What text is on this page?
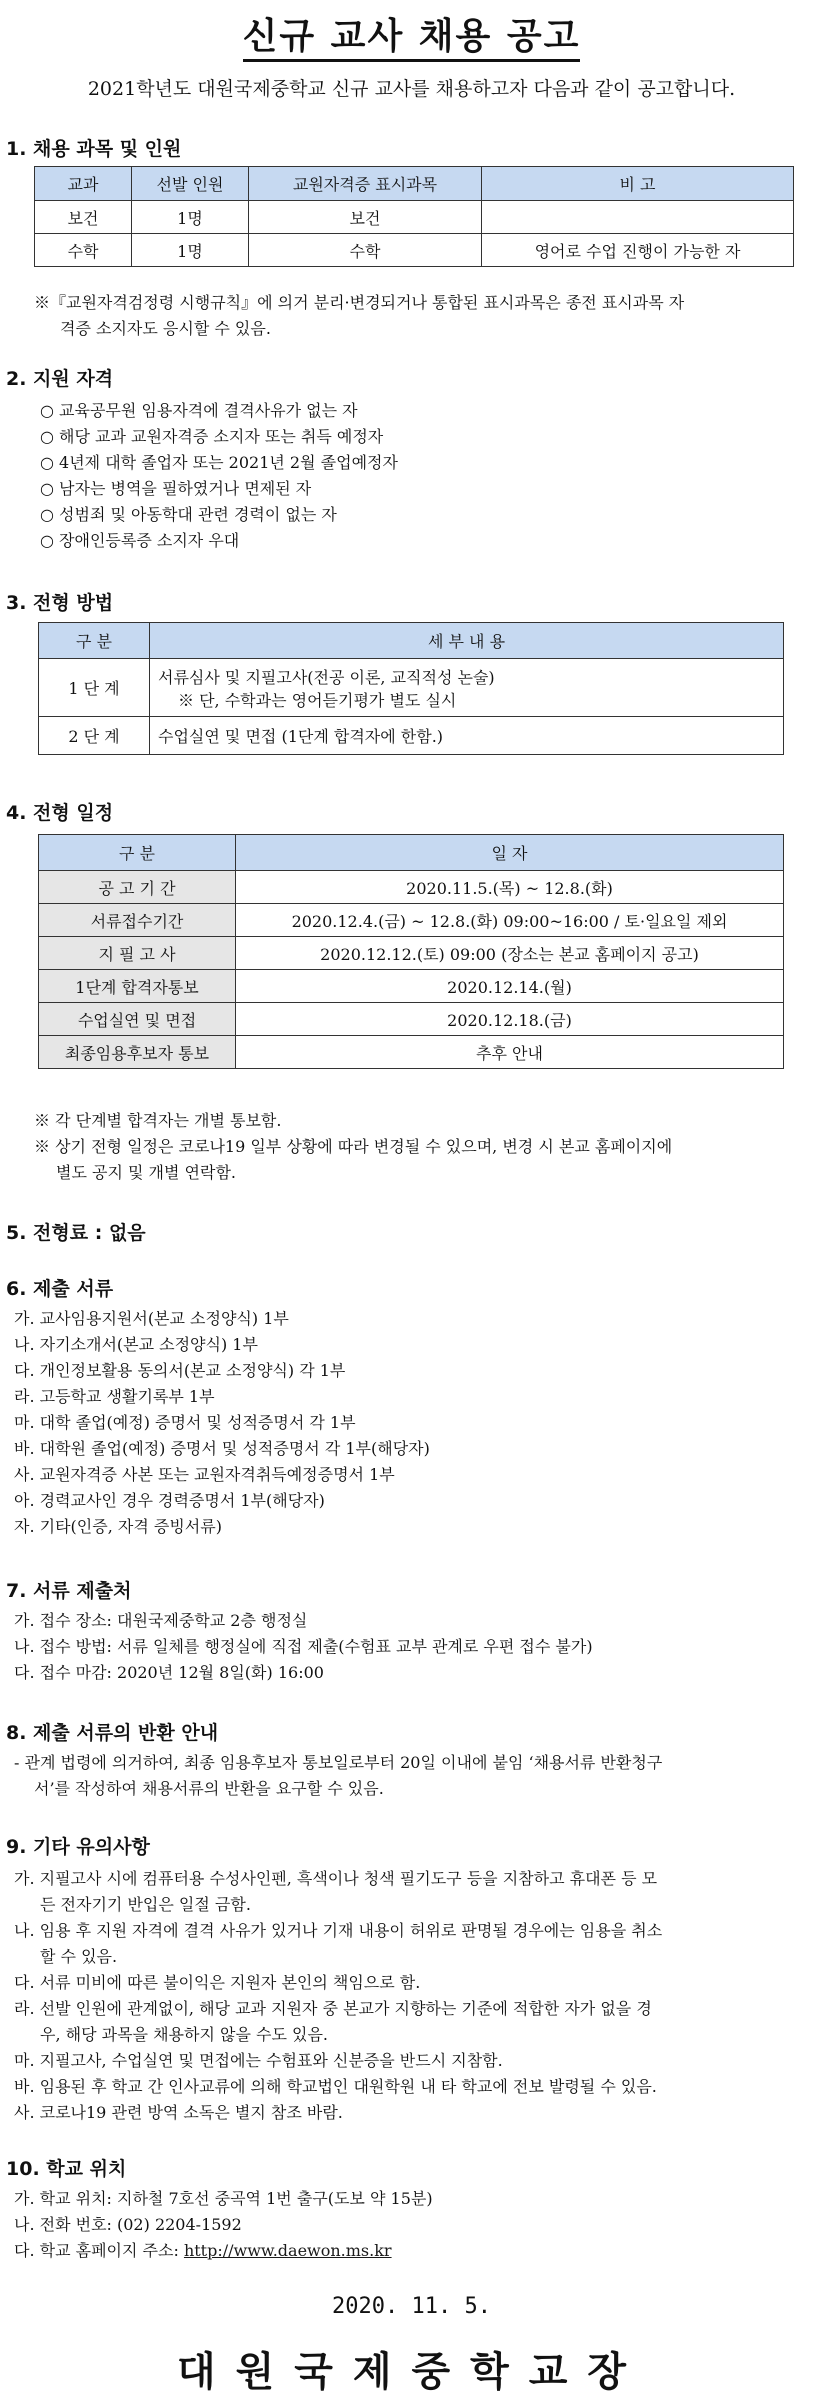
신규 교사 채용 공고
2021학년도 대원국제중학교 신규 교사를 채용하고자 다음과 같이 공고합니다.
1. 채용 과목 및 인원
교과	선발 인원	교원자격증 표시과목	비 고
보건	1명	보건	
수학	1명	수학	영어로 수업 진행이 가능한 자
※『교원자격검정령 시행규칙』에 의거 분리·변경되거나 통합된 표시과목은 종전 표시과목 자
격증 소지자도 응시할 수 있음.
2. 지원 자격
○ 교육공무원 임용자격에 결격사유가 없는 자
○ 해당 교과 교원자격증 소지자 또는 취득 예정자
○ 4년제 대학 졸업자 또는 2021년 2월 졸업예정자
○ 남자는 병역을 필하였거나 면제된 자
○ 성범죄 및 아동학대 관련 경력이 없는 자
○ 장애인등록증 소지자 우대
3. 전형 방법
구 분	세 부 내 용
1 단 계	서류심사 및 지필고사(전공 이론, 교직적성 논술)
※ 단, 수학과는 영어듣기평가 별도 실시

2 단 계	수업실연 및 면접 (1단계 합격자에 한함.)
4. 전형 일정
구 분	일 자
공 고 기 간	2020.11.5.(목) ~ 12.8.(화)
서류접수기간	2020.12.4.(금) ~ 12.8.(화) 09:00~16:00 / 토·일요일 제외
지 필 고 사	2020.12.12.(토) 09:00 (장소는 본교 홈페이지 공고)
1단계 합격자통보	2020.12.14.(월)
수업실연 및 면접	2020.12.18.(금)
최종임용후보자 통보	추후 안내
※ 각 단계별 합격자는 개별 통보함.
※ 상기 전형 일정은 코로나19 일부 상황에 따라 변경될 수 있으며, 변경 시 본교 홈페이지에
별도 공지 및 개별 연락함.
5. 전형료 : 없음
6. 제출 서류
가. 교사임용지원서(본교 소정양식) 1부
나. 자기소개서(본교 소정양식) 1부
다. 개인정보활용 동의서(본교 소정양식) 각 1부
라. 고등학교 생활기록부 1부
마. 대학 졸업(예정) 증명서 및 성적증명서 각 1부
바. 대학원 졸업(예정) 증명서 및 성적증명서 각 1부(해당자)
사. 교원자격증 사본 또는 교원자격취득예정증명서 1부
아. 경력교사인 경우 경력증명서 1부(해당자)
자. 기타(인증, 자격 증빙서류)
7. 서류 제출처
가. 접수 장소: 대원국제중학교 2층 행정실
나. 접수 방법: 서류 일체를 행정실에 직접 제출(수험표 교부 관계로 우편 접수 불가)
다. 접수 마감: 2020년 12월 8일(화) 16:00
8. 제출 서류의 반환 안내
- 관계 법령에 의거하여, 최종 임용후보자 통보일로부터 20일 이내에 붙임 ‘채용서류 반환청구
서’를 작성하여 채용서류의 반환을 요구할 수 있음.
9. 기타 유의사항
가. 지필고사 시에 컴퓨터용 수성사인펜, 흑색이나 청색 필기도구 등을 지참하고 휴대폰 등 모
든 전자기기 반입은 일절 금함.
나. 임용 후 지원 자격에 결격 사유가 있거나 기재 내용이 허위로 판명될 경우에는 임용을 취소
할 수 있음.
다. 서류 미비에 따른 불이익은 지원자 본인의 책임으로 함.
라. 선발 인원에 관계없이, 해당 교과 지원자 중 본교가 지향하는 기준에 적합한 자가 없을 경
우, 해당 과목을 채용하지 않을 수도 있음.
마. 지필고사, 수업실연 및 면접에는 수험표와 신분증을 반드시 지참함.
바. 임용된 후 학교 간 인사교류에 의해 학교법인 대원학원 내 타 학교에 전보 발령될 수 있음.
사. 코로나19 관련 방역 소독은 별지 참조 바람.
10. 학교 위치
가. 학교 위치: 지하철 7호선 중곡역 1번 출구(도보 약 15분)
나. 전화 번호: (02) 2204-1592
다. 학교 홈페이지 주소: http://www.daewon.ms.kr
2020. 11. 5.
대원국제중학교장
